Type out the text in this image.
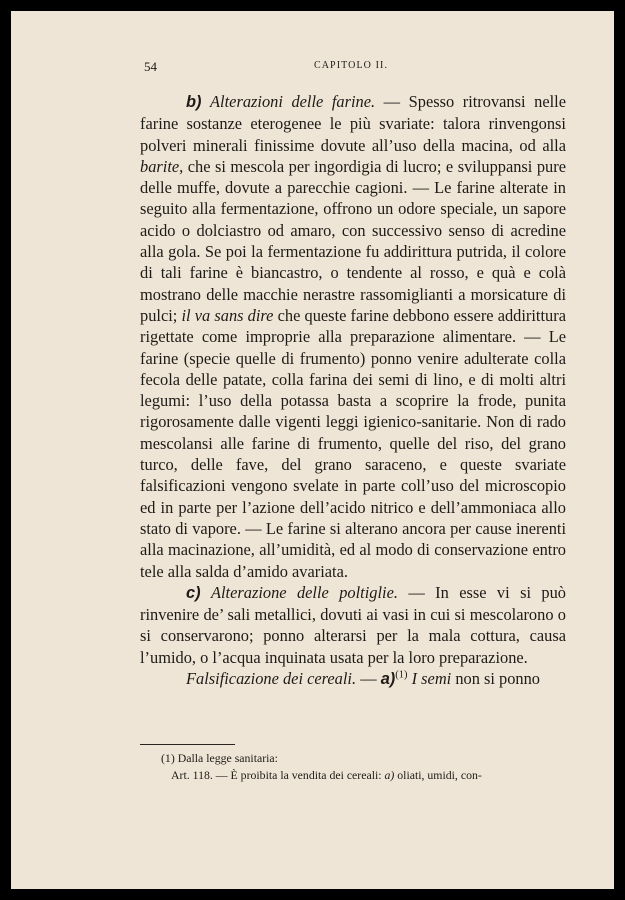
54	CAPITOLO II.

b) Alterazioni delle farine. — Spesso ritrovansi nelle farine sostanze eterogenee le più svariate: talora rinvengonsi polveri minerali finissime dovute all’uso della macina, od alla barite, che si mescola per ingordigia di lucro; e sviluppansi pure delle muffe, dovute a parecchie cagioni. — Le farine alterate in seguito alla fermentazione, offrono un odore speciale, un sapore acido o dolciastro od amaro, con successivo senso di acredine alla gola. Se poi la fermentazione fu addirittura putrida, il colore di tali farine è biancastro, o tendente al rosso, e quà e colà mostrano delle macchie nerastre rassomiglianti a morsicature di pulci; il va sans dire che queste farine debbono essere addirittura rigettate come improprie alla preparazione alimentare. — Le farine (specie quelle di frumento) ponno venire adulterate colla fecola delle patate, colla farina dei semi di lino, e di molti altri legumi: l’uso della potassa basta a scoprire la frode, punita rigorosamente dalle vigenti leggi igienico-sanitarie. Non di rado mescolansi alle farine di frumento, quelle del riso, del grano turco, delle fave, del grano saraceno, e queste svariate falsificazioni vengono svelate in parte coll’uso del microscopio ed in parte per l’azione dell’acido nitrico e dell’ammoniaca allo stato di vapore. — Le farine si alterano ancora per cause inerenti alla macinazione, all’umidità, ed al modo di conservazione entro tele alla salda d’amido avariata.

c) Alterazione delle poltiglie. — In esse vi si può rinvenire de’ sali metallici, dovuti ai vasi in cui si mescolarono o si conservarono; ponno alterarsi per la mala cottura, causa l’umido, o l’acqua inquinata usata per la loro preparazione.

Falsificazione dei cereali. — a)$^{(1)}$ I semi non si ponno

(1) Dalla legge sanitaria:

Art. 118. — È proibita la vendita dei cereali: a) oliati, umidi, con-
